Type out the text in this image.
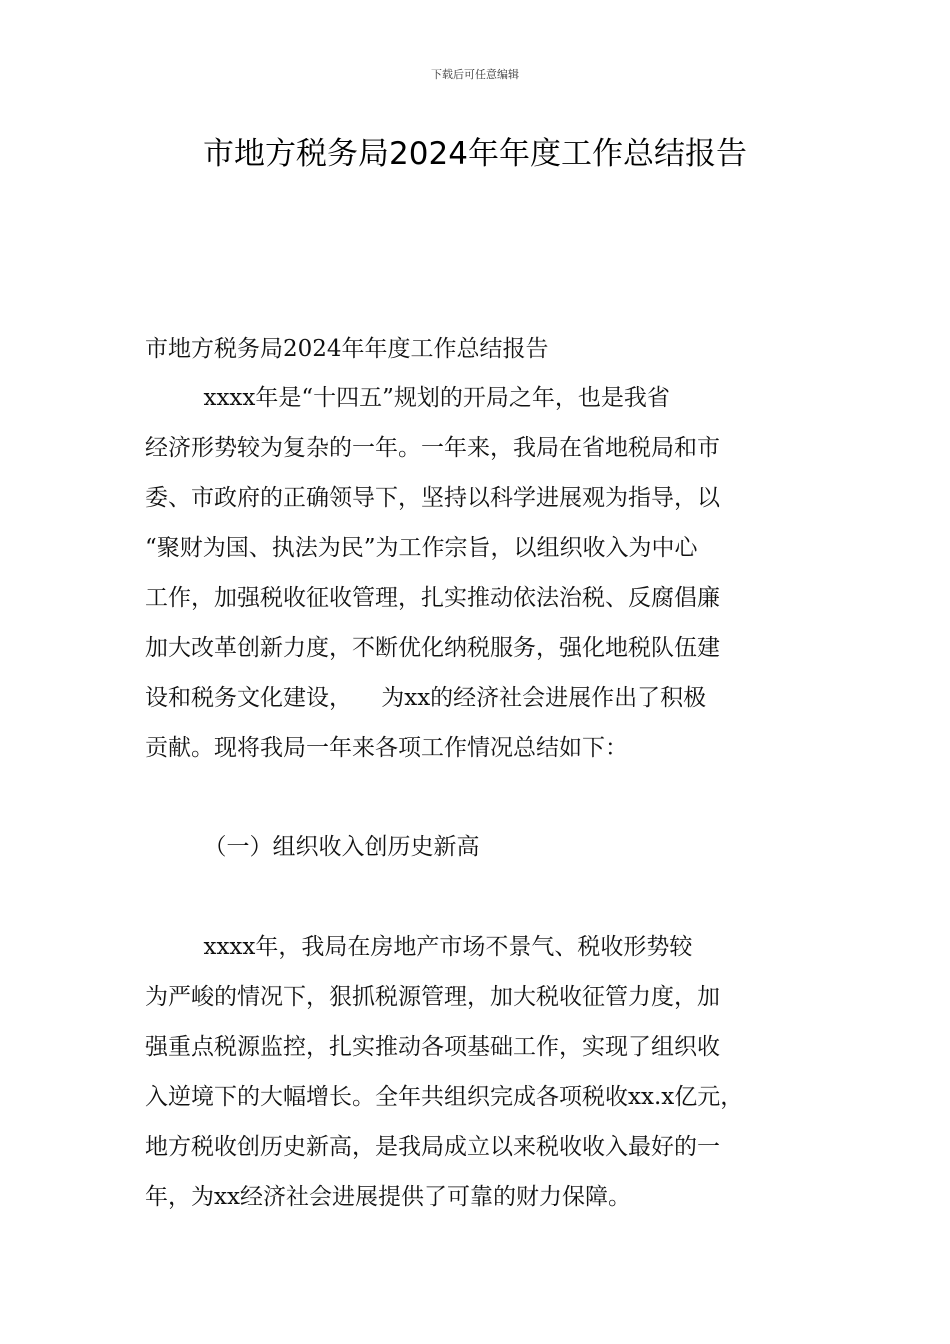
下载后可任意编辑
市地方税务局2024年年度工作总结报告

市地方税务局2024年年度工作总结报告

xxxx年是“十四五”规划的开局之年，也是我省
经济形势较为复杂的一年。一年来，我局在省地税局和市
委、市政府的正确领导下，坚持以科学进展观为指导，以
“聚财为国、执法为民”为工作宗旨，以组织收入为中心
工作，加强税收征收管理，扎实推动依法治税、反腐倡廉
加大改革创新力度，不断优化纳税服务，强化地税队伍建
设和税务文化建设，    为xx的经济社会进展作出了积极
贡献。现将我局一年来各项工作情况总结如下：

（一）组织收入创历史新高

xxxx年，我局在房地产市场不景气、税收形势较
为严峻的情况下，狠抓税源管理，加大税收征管力度，加
强重点税源监控，扎实推动各项基础工作，实现了组织收
入逆境下的大幅增长。全年共组织完成各项税收xx.x亿元，
地方税收创历史新高，是我局成立以来税收收入最好的一
年，为xx经济社会进展提供了可靠的财力保障。
